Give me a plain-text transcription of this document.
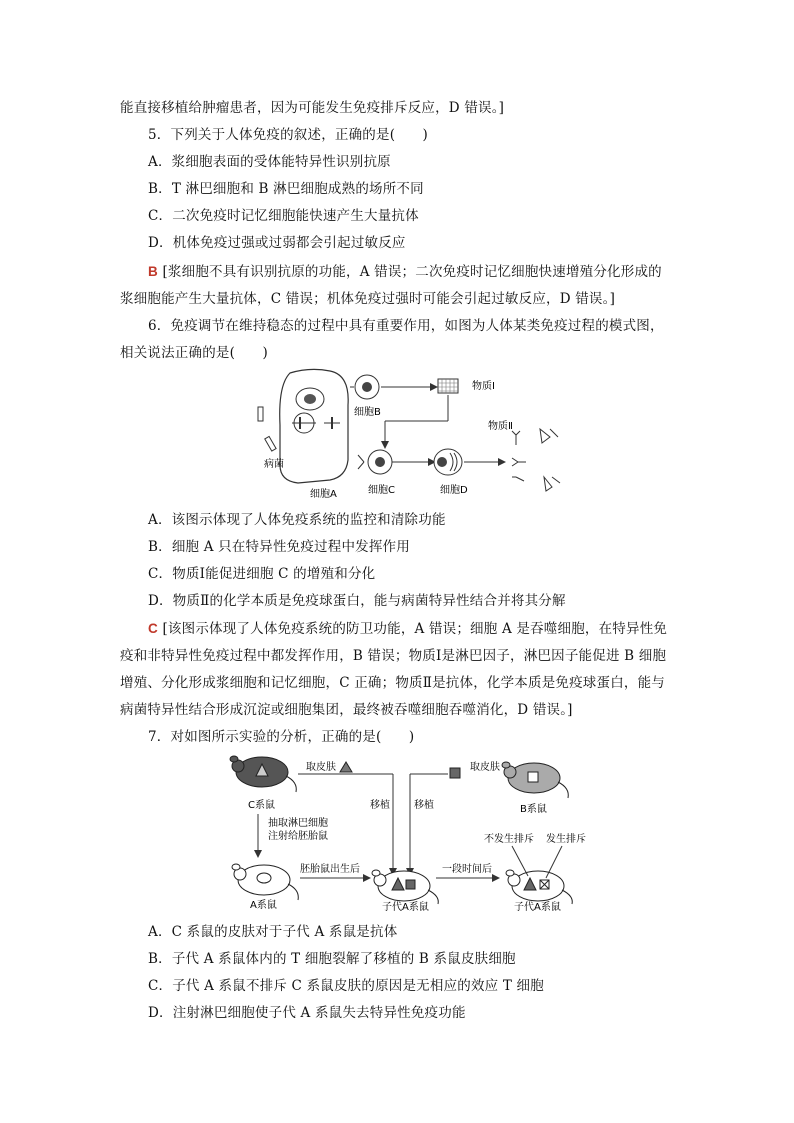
能直接移植给肿瘤患者，因为可能发生免疫排斥反应，D 错误。]
5．下列关于人体免疫的叙述，正确的是(　　)
A．浆细胞表面的受体能特异性识别抗原
B．T 淋巴细胞和 B 淋巴细胞成熟的场所不同
C．二次免疫时记忆细胞能快速产生大量抗体
D．机体免疫过强或过弱都会引起过敏反应
B [浆细胞不具有识别抗原的功能，A 错误；二次免疫时记忆细胞快速增殖分化形成的
浆细胞能产生大量抗体，C 错误；机体免疫过强时可能会引起过敏反应，D 错误。]
6．免疫调节在维持稳态的过程中具有重要作用，如图为人体某类免疫过程的模式图，
相关说法正确的是(　　)
病菌
细胞A
细胞B
物质Ⅰ
细胞C	细胞D
物质Ⅱ
A．该图示体现了人体免疫系统的监控和清除功能
B．细胞 A 只在特异性免疫过程中发挥作用
C．物质Ⅰ能促进细胞 C 的增殖和分化
D．物质Ⅱ的化学本质是免疫球蛋白，能与病菌特异性结合并将其分解
C [该图示体现了人体免疫系统的防卫功能，A 错误；细胞 A 是吞噬细胞，在特异性免
疫和非特异性免疫过程中都发挥作用，B 错误；物质Ⅰ是淋巴因子，淋巴因子能促进 B 细胞
增殖、分化形成浆细胞和记忆细胞，C 正确；物质Ⅱ是抗体，化学本质是免疫球蛋白，能与
病菌特异性结合形成沉淀或细胞集团，最终被吞噬细胞吞噬消化，D 错误。]
7．对如图所示实验的分析，正确的是(　　)
C系鼠
取皮肤
移植
取皮肤
移植	B系鼠
抽取淋巴细胞
注射给胚胎鼠
A系鼠
胚胎鼠出生后
子代A系鼠
一段时间后
不发生排斥 发生排斥
子代A系鼠
A．C 系鼠的皮肤对于子代 A 系鼠是抗体
B．子代 A 系鼠体内的 T 细胞裂解了移植的 B 系鼠皮肤细胞
C．子代 A 系鼠不排斥 C 系鼠皮肤的原因是无相应的效应 T 细胞
D．注射淋巴细胞使子代 A 系鼠失去特异性免疫功能
